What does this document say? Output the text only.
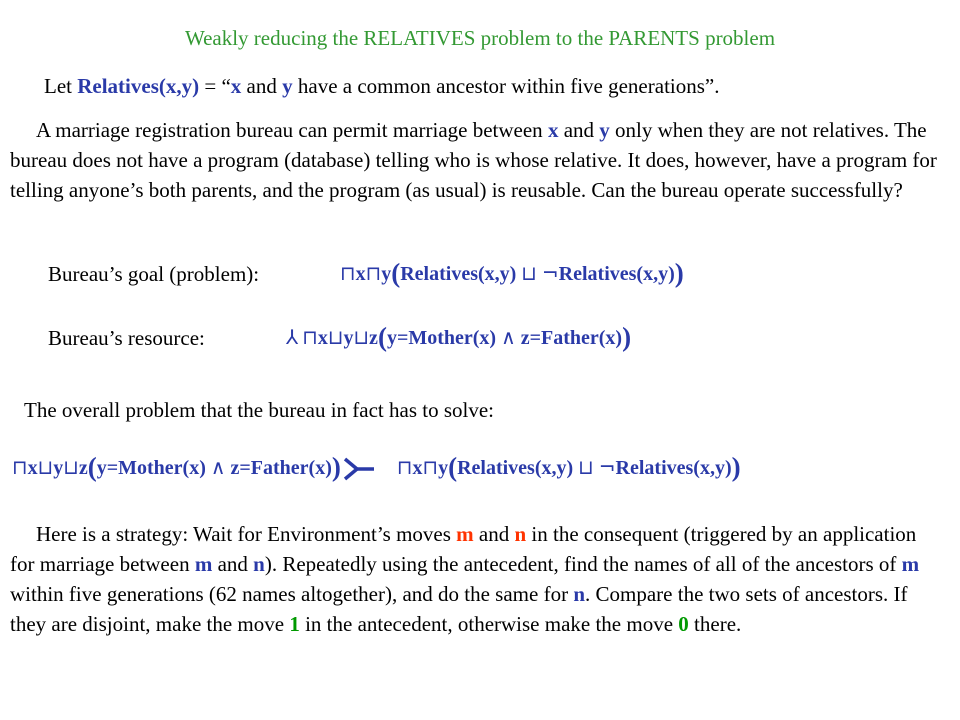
Weakly reducing the RELATIVES problem to the PARENTS problem
Let Relatives(x,y) = “x and y have a common ancestor within five generations”.
A marriage registration bureau can permit marriage between x and y only when they are not relatives. The bureau does not have a program (database) telling who is whose relative. It does, however, have a program for telling anyone’s both parents, and the program (as usual) is reusable. Can the bureau operate successfully?
Bureau’s goal (problem):	⊓x⊓y(Relatives(x,y) ⊔ ¬Relatives(x,y))
Bureau’s resource:	⅄ ⊓x⊔y⊔z(y=Mother(x) ∧ z=Father(x))
The overall problem that the bureau in fact has to solve:
⊓x⊔y⊔z(y=Mother(x) ∧ z=Father(x))	⊓x⊓y(Relatives(x,y) ⊔ ¬Relatives(x,y))
Here is a strategy: Wait for Environment’s moves m and n in the consequent (triggered by an application for marriage between m and n). Repeatedly using the antecedent, find the names of all of the ancestors of m within five generations (62 names altogether), and do the same for n. Compare the two sets of ancestors. If they are disjoint, make the move 1 in the antecedent, otherwise make the move 0 there.
